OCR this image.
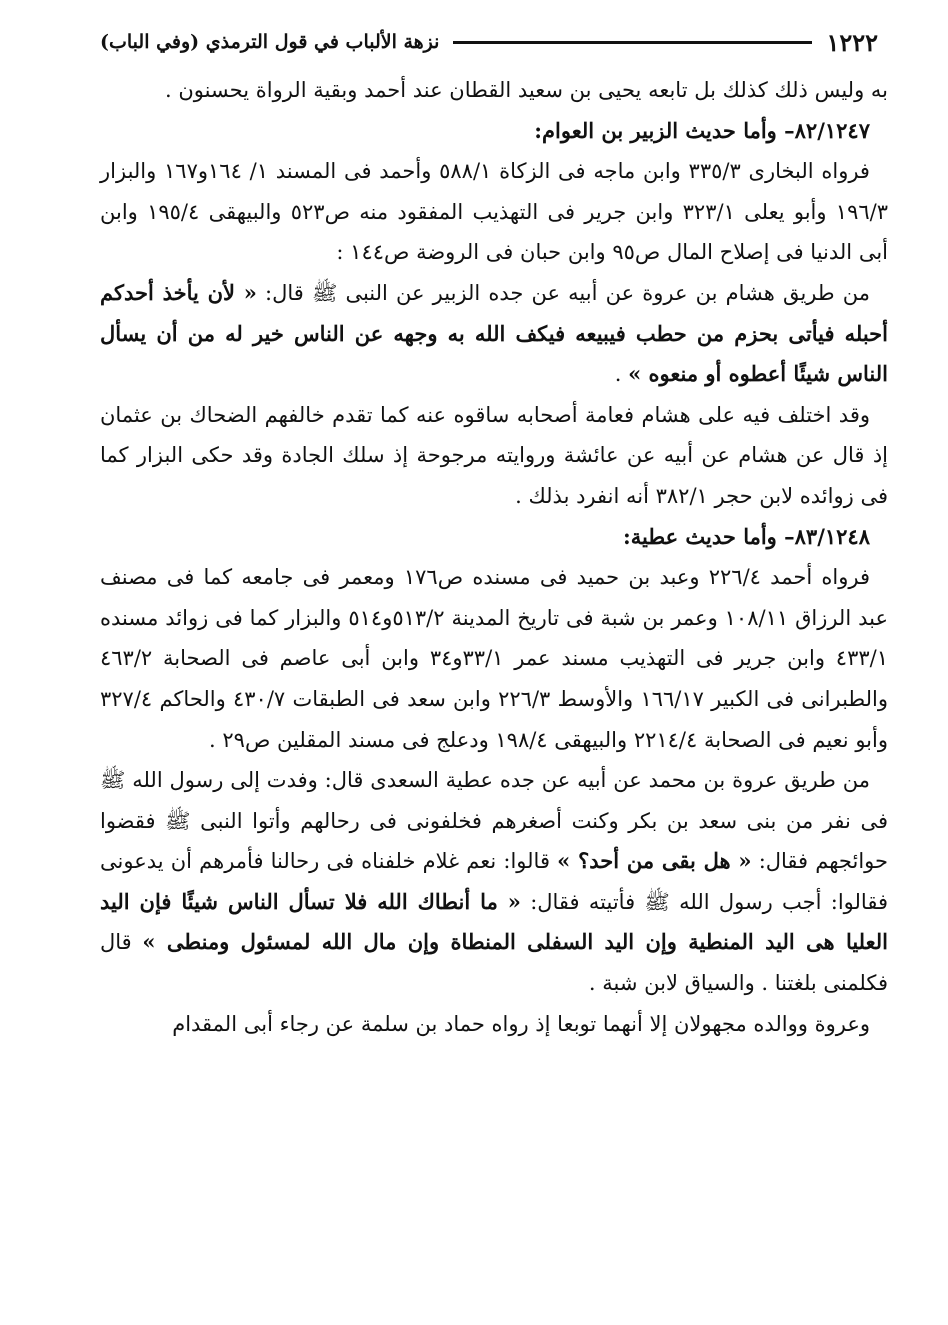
١٢٢٢
نزهة الألباب في قول الترمذي (وفي الباب)

به وليس ذلك كذلك بل تابعه يحيى بن سعيد القطان عند أحمد وبقية الرواة يحسنون .

٨٢/١٢٤٧– وأما حديث الزبير بن العوام:

فرواه البخارى ٣٣٥/٣ وابن ماجه فى الزكاة ٥٨٨/١ وأحمد فى المسند ١/ ١٦٤و١٦٧ والبزار ١٩٦/٣ وأبو يعلى ٣٢٣/١ وابن جرير فى التهذيب المفقود منه ص٥٢٣ والبيهقى ١٩٥/٤ وابن أبى الدنيا فى إصلاح المال ص٩٥ وابن حبان فى الروضة ص١٤٤ :

من طريق هشام بن عروة عن أبيه عن جده الزبير عن النبى ﷺ قال: « لأن يأخذ أحدكم أحبله فيأتى بحزم من حطب فيبيعه فيكف الله به وجهه عن الناس خير له من أن يسأل الناس شيئًا أعطوه أو منعوه » .

وقد اختلف فيه على هشام فعامة أصحابه ساقوه عنه كما تقدم خالفهم الضحاك بن عثمان إذ قال عن هشام عن أبيه عن عائشة وروايته مرجوحة إذ سلك الجادة وقد حكى البزار كما فى زوائده لابن حجر ٣٨٢/١ أنه انفرد بذلك .

٨٣/١٢٤٨– وأما حديث عطية:

فرواه أحمد ٢٢٦/٤ وعبد بن حميد فى مسنده ص١٧٦ ومعمر فى جامعه كما فى مصنف عبد الرزاق ١٠٨/١١ وعمر بن شبة فى تاريخ المدينة ٥١٣/٢و٥١٤ والبزار كما فى زوائد مسنده ٤٣٣/١ وابن جرير فى التهذيب مسند عمر ٣٣/١و٣٤ وابن أبى عاصم فى الصحابة ٤٦٣/٢ والطبرانى فى الكبير ١٦٦/١٧ والأوسط ٢٢٦/٣ وابن سعد فى الطبقات ٤٣٠/٧ والحاكم ٣٢٧/٤ وأبو نعيم فى الصحابة ٢٢١٤/٤ والبيهقى ١٩٨/٤ ودعلج فى مسند المقلين ص٢٩ .

من طريق عروة بن محمد عن أبيه عن جده عطية السعدى قال: وفدت إلى رسول الله ﷺ فى نفر من بنى سعد بن بكر وكنت أصغرهم فخلفونى فى رحالهم وأتوا النبى ﷺ فقضوا حوائجهم فقال: « هل بقى من أحد؟ » قالوا: نعم غلام خلفناه فى رحالنا فأمرهم أن يدعونى فقالوا: أجب رسول الله ﷺ فأتيته فقال: « ما أنطاك الله فلا تسأل الناس شيئًا فإن اليد العليا هى اليد المنطية وإن اليد السفلى المنطاة وإن مال الله لمسئول ومنطى » قال فكلمنى بلغتنا . والسياق لابن شبة .

وعروة ووالده مجهولان إلا أنهما توبعا إذ رواه حماد بن سلمة عن رجاء أبى المقدام
